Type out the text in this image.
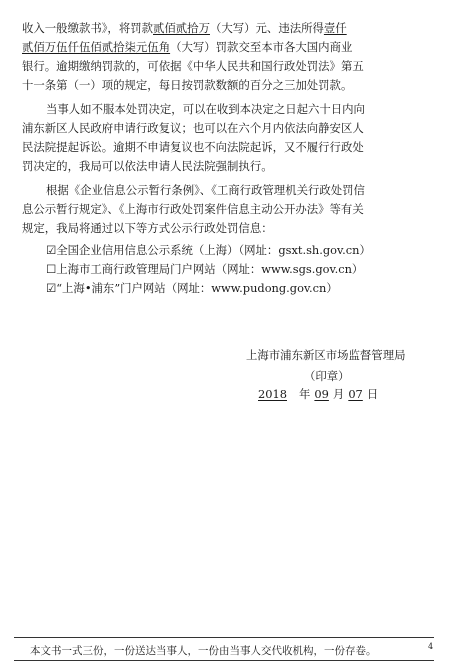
收入一般缴款书》，将罚款贰佰贰拾万（大写）元、违法所得壹仟
贰佰万伍仟伍佰贰拾柒元伍角（大写）罚款交至本市各大国内商业
银行。逾期缴纳罚款的，可依据《中华人民共和国行政处罚法》第五
十一条第（一）项的规定，每日按罚款数额的百分之三加处罚款。
当事人如不服本处罚决定，可以在收到本决定之日起六十日内向
浦东新区人民政府申请行政复议；也可以在六个月内依法向静安区人
民法院提起诉讼。逾期不申请复议也不向法院起诉，又不履行行政处
罚决定的，我局可以依法申请人民法院强制执行。
根据《企业信息公示暂行条例》、《工商行政管理机关行政处罚信
息公示暂行规定》、《上海市行政处罚案件信息主动公开办法》等有关
规定，我局将通过以下等方式公示行政处罚信息：
☑全国企业信用信息公示系统（上海）（网址：gsxt.sh.gov.cn）
☐上海市工商行政管理局门户网站（网址：www.sgs.gov.cn）
☑“上海•浦东”门户网站（网址：www.pudong.gov.cn）
上海市浦东新区市场监督管理局
（印章）
2018 年 09 月 07 日
本文书一式三份，一份送达当事人，一份由当事人交代收机构，一份存卷。	4
